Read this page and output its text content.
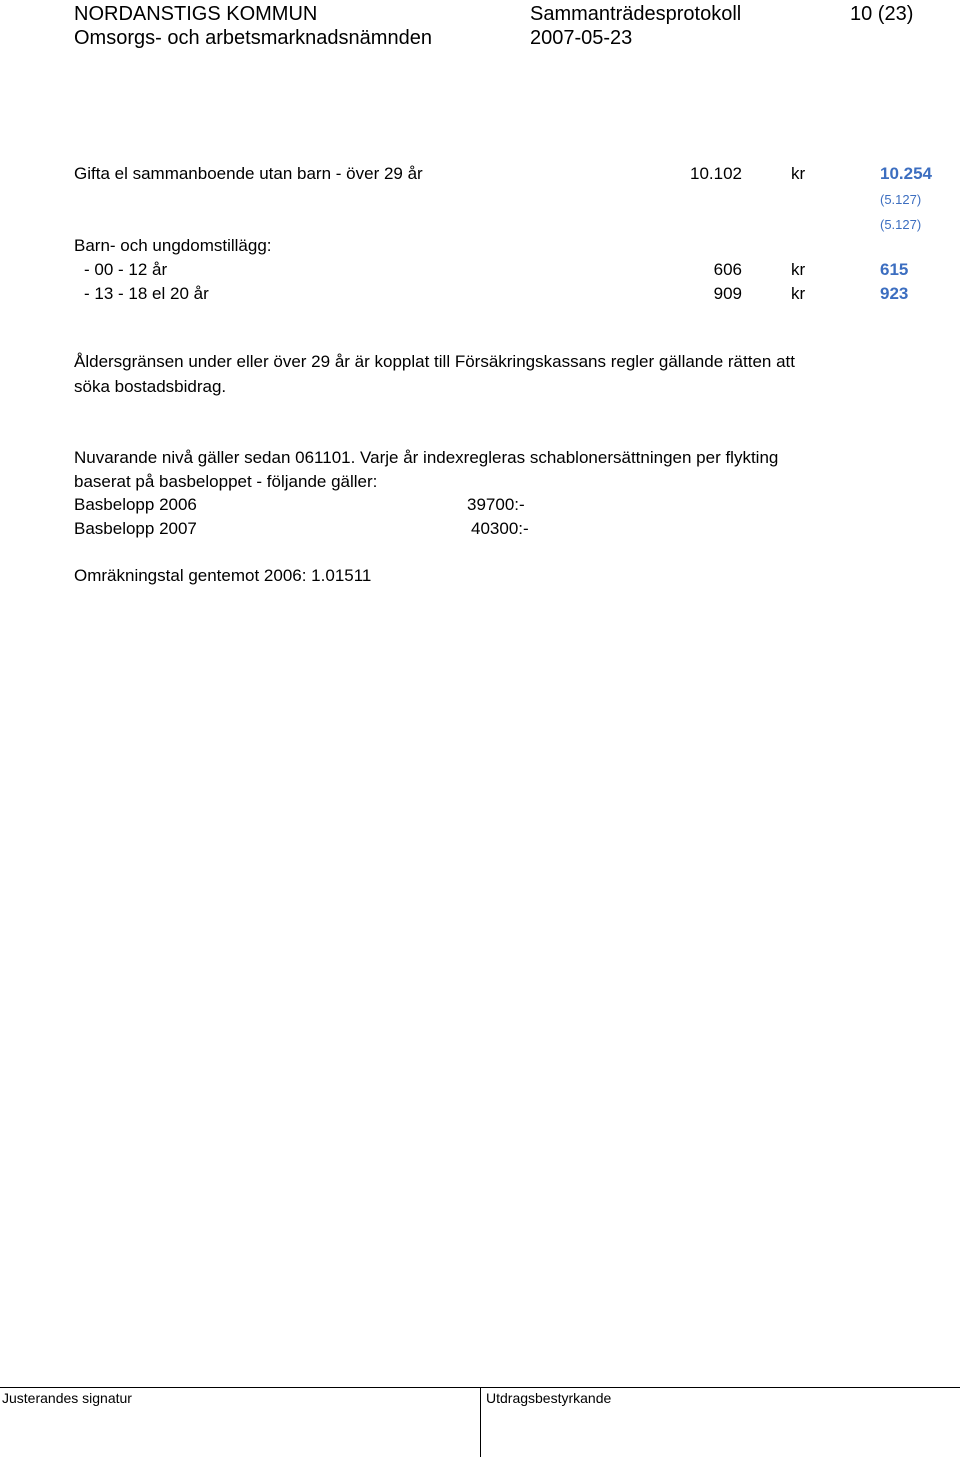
NORDANSTIGS KOMMUN
Omsorgs- och arbetsmarknadsnämnden
Sammanträdesprotokoll
2007-05-23
10 (23)
Gifta el sammanboende utan barn - över 29 år	10.102	kr	10.254
(5.127)
(5.127)
Barn- och ungdomstillägg:
- 00 - 12 år	606	kr	615
- 13 - 18 el 20 år	909	kr	923
Åldersgränsen under eller över 29 år är kopplat till Försäkringskassans regler gällande rätten att
söka bostadsbidrag.
Nuvarande nivå gäller sedan 061101. Varje år indexregleras schablonersättningen per flykting
baserat på basbeloppet - följande gäller:
Basbelopp 2006	39700:-
Basbelopp 2007	40300:-
Omräkningstal gentemot 2006: 1.01511
Justerandes signatur	Utdragsbestyrkande
